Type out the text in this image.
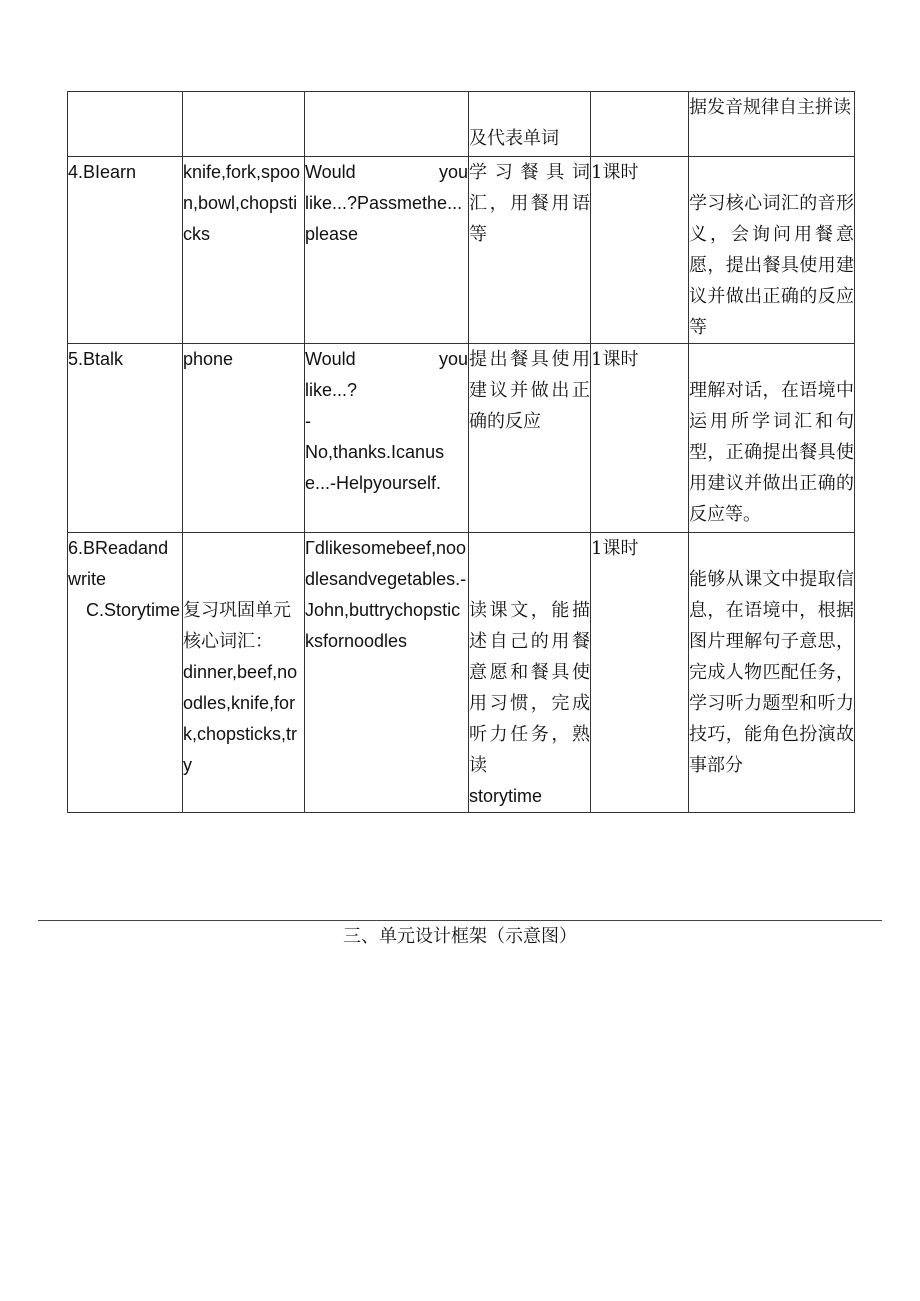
			及代表单词		据发音规律自主拼读
4.BIearn	knife,fork,spoon,bowl,chopsticks	Would you
like...?Passmethe...please	学习餐具词汇，用餐用语等	1课时	学习核心词汇的音形义，会询问用餐意愿，提出餐具使用建议并做出正确的反应等

5.Btalk	phone	Would you
like...?
-
No,thanks.Icanuse...-Helpyourself.	提出餐具使用建议并做出正确的反应	1课时	理解对话，在语境中运用所学词汇和句型，正确提出餐具使用建议并做出正确的反应等。

6.BReadand write
C.Storytime	复习巩固单元核心词汇：
dinner,beef,noodles,knife,fork,chopsticks,try	Γdlikesomebeef,noodlesandvegetables.-John,buttrychopsticksfornoodles	读课文，能描述自己的用餐意愿和餐具使用习惯，完成听力任务，熟读
storytime	1课时	能够从课文中提取信息，在语境中，根据图片理解句子意思，完成人物匹配任务，学习听力题型和听力技巧，能角色扮演故事部分
三、单元设计框架（示意图）
